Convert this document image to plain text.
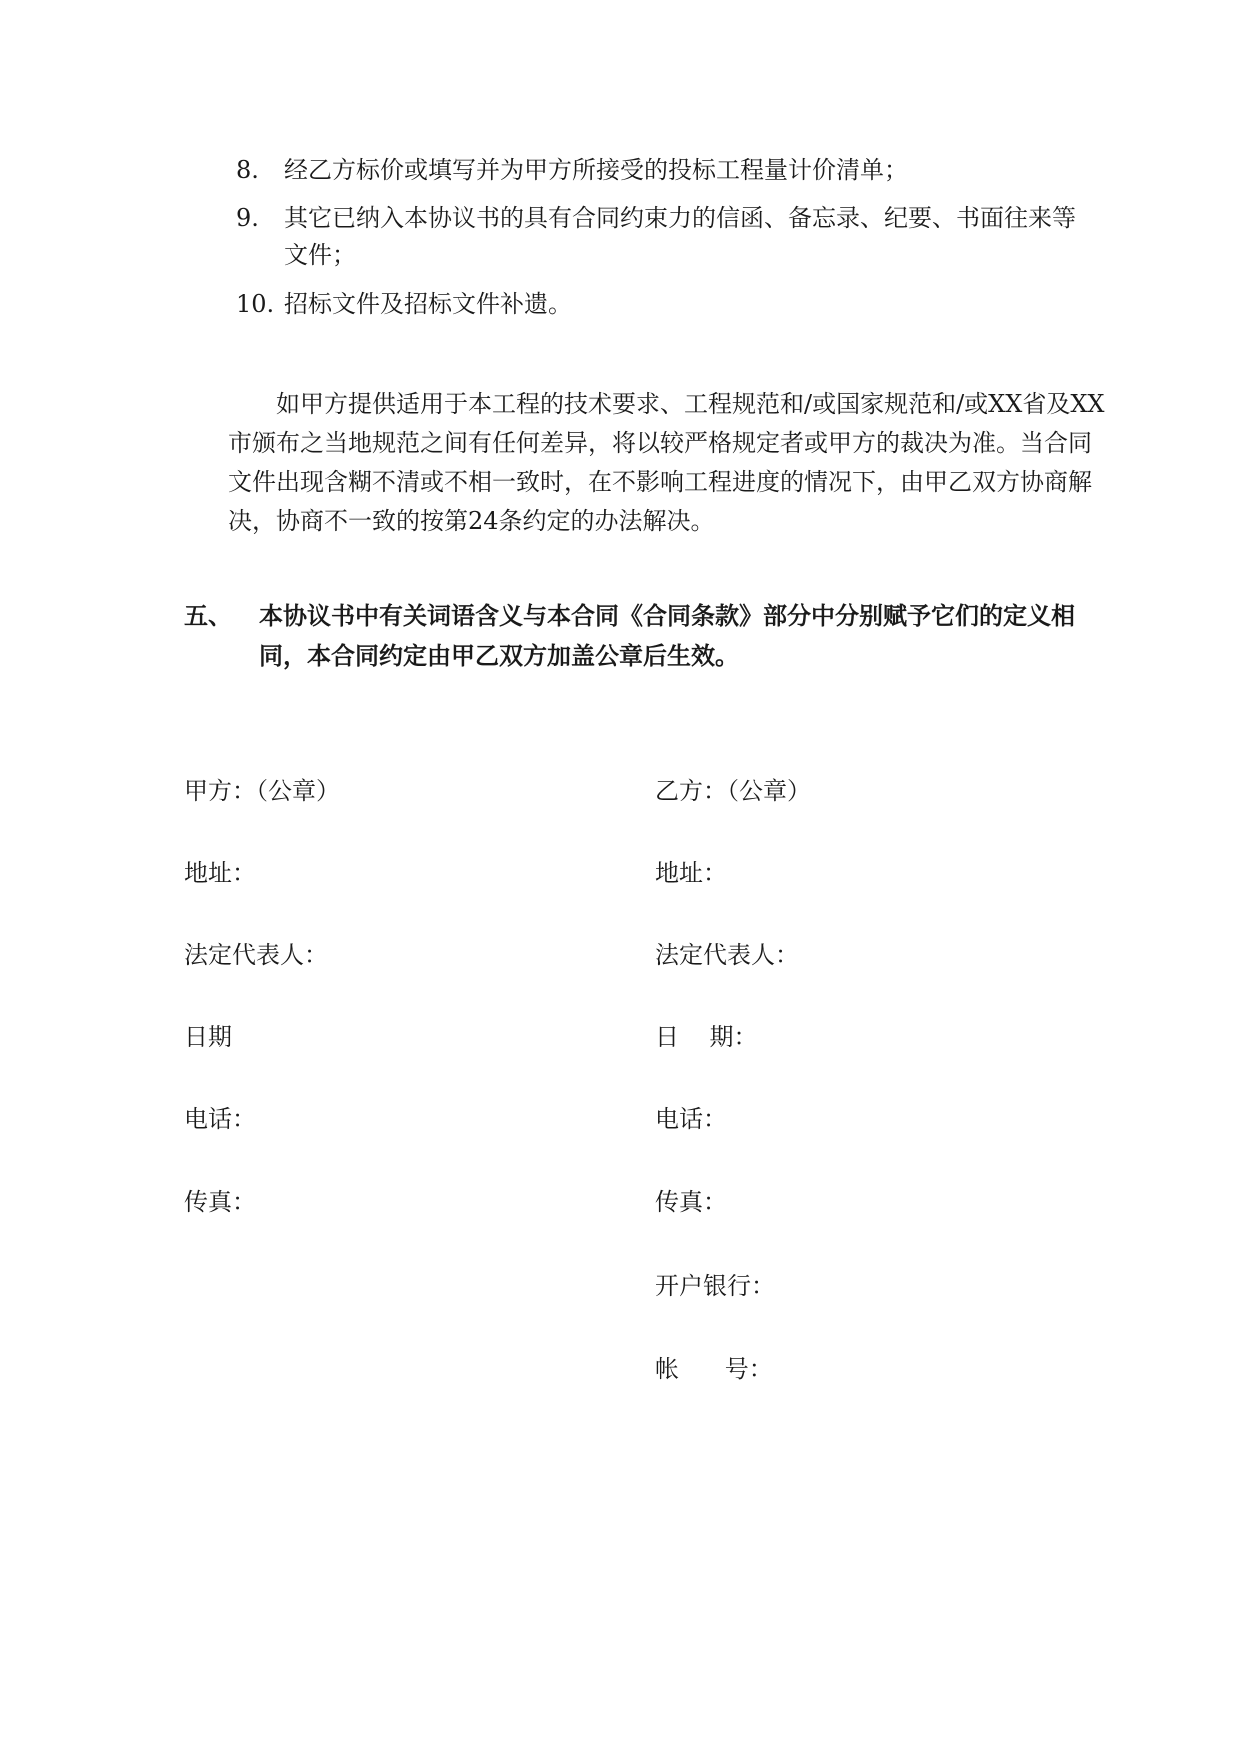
8. 经乙方标价或填写并为甲方所接受的投标工程量计价清单；
9. 其它已纳入本协议书的具有合同约束力的信函、备忘录、纪要、书面往来等文件；
10. 招标文件及招标文件补遗。
如甲方提供适用于本工程的技术要求、工程规范和/或国家规范和/或XX省及XX市颁布之当地规范之间有任何差异，将以较严格规定者或甲方的裁决为准。当合同文件出现含糊不清或不相一致时，在不影响工程进度的情况下，由甲乙双方协商解决，协商不一致的按第24条约定的办法解决。
五、 本协议书中有关词语含义与本合同《合同条款》部分中分别赋予它们的定义相同，本合同约定由甲乙双方加盖公章后生效。
甲方：（公章）
地址：
法定代表人：
日期
电话：
传真：
乙方：（公章）
地址：
法定代表人：
日    期：
电话：
传真：
开户银行：
帐      号：
